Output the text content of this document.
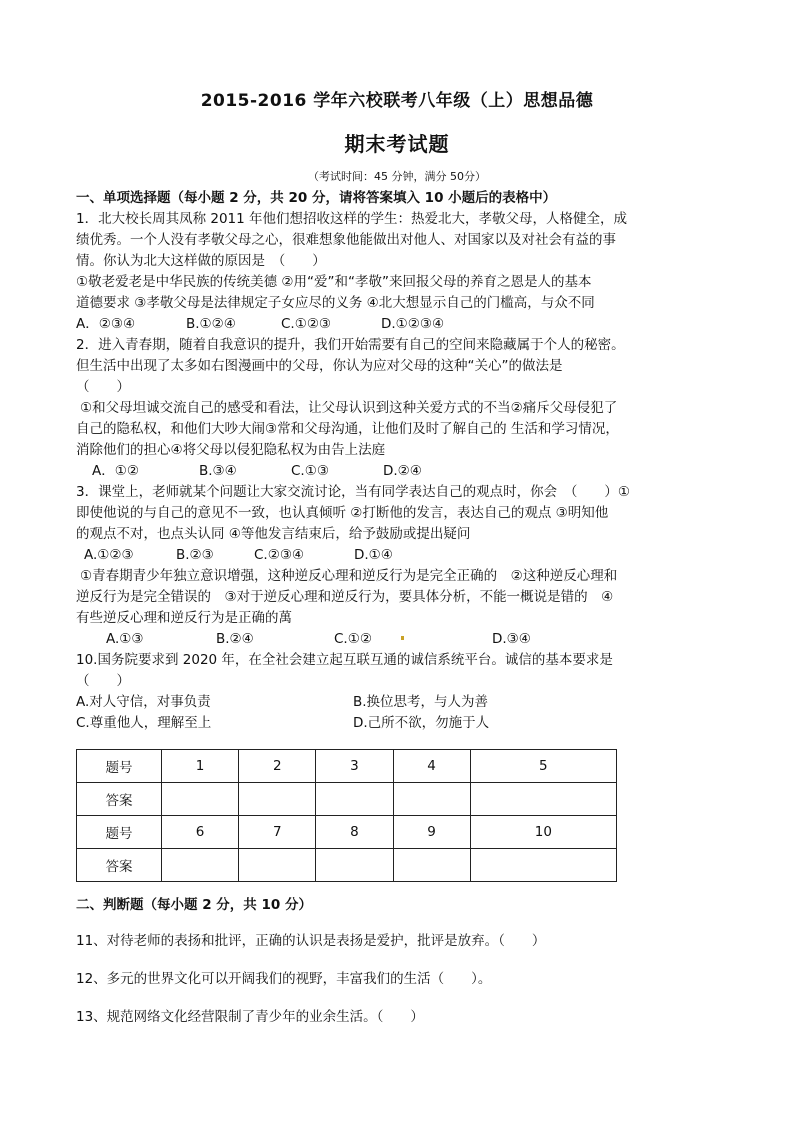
2015-2016 学年六校联考八年级（上）思想品德
期末考试题
（考试时间：45 分钟，满分 50分）
一、单项选择题（每小题 2 分，共 20 分，请将答案填入 10 小题后的表格中）
1．北大校长周其凤称 2011 年他们想招收这样的学生：热爱北大，孝敬父母，人格健全，成
绩优秀。一个人没有孝敬父母之心，很难想象他能做出对他人、对国家以及对社会有益的事
情。你认为北大这样做的原因是　（　　）
①敬老爱老是中华民族的传统美德 ②用“爱”和“孝敬”来回报父母的养育之恩是人的基本
道德要求 ③孝敬父母是法律规定子女应尽的义务 ④北大想显示自己的门槛高，与众不同
A．②③④	B.①②④	C.①②③	D.①②③④
2．进入青春期，随着自我意识的提升，我们开始需要有自己的空间来隐藏属于个人的秘密。
但生活中出现了太多如右图漫画中的父母，你认为应对父母的这种“关心”的做法是
（　　）
①和父母坦诚交流自己的感受和看法，让父母认识到这种关爱方式的不当②痛斥父母侵犯了
自己的隐私权，和他们大吵大闹③常和父母沟通，让他们及时了解自己的 生活和学习情况，
消除他们的担心④将父母以侵犯隐私权为由告上法庭
A．①②	B.③④	C.①③	D.②④
3．课堂上，老师就某个问题让大家交流讨论，当有同学表达自己的观点时，你会　（　　）①
即使他说的与自己的意见不一致，也认真倾听 ②打断他的发言，表达自己的观点 ③明知他
的观点不对，也点头认同 ④等他发言结束后，给予鼓励或提出疑问
A.①②③	B.②③	C.②③④	D.①④
①青春期青少年独立意识增强，这种逆反心理和逆反行为是完全正确的　②这种逆反心理和
逆反行为是完全错误的　③对于逆反心理和逆反行为，要具体分析，不能一概说是错的　④
有些逆反心理和逆反行为是正确的萬
A.①③	B.②④	C.①②	D.③④
10.国务院要求到 2020 年，在全社会建立起互联互通的诚信系统平台。诚信的基本要求是
（　　）
A.对人守信，对事负责	B.换位思考，与人为善
C.尊重他人，理解至上	D.己所不欲，勿施于人
题号	1	2	3	4	5
答案					
题号	6	7	8	9	10
答案					
二、判断题（每小题 2 分，共 10 分）
11、对待老师的表扬和批评，正确的认识是表扬是爱护，批评是放弃。（　　）
12、多元的世界文化可以开阔我们的视野，丰富我们的生活（　　）。
13、规范网络文化经营限制了青少年的业余生活。（　　）
